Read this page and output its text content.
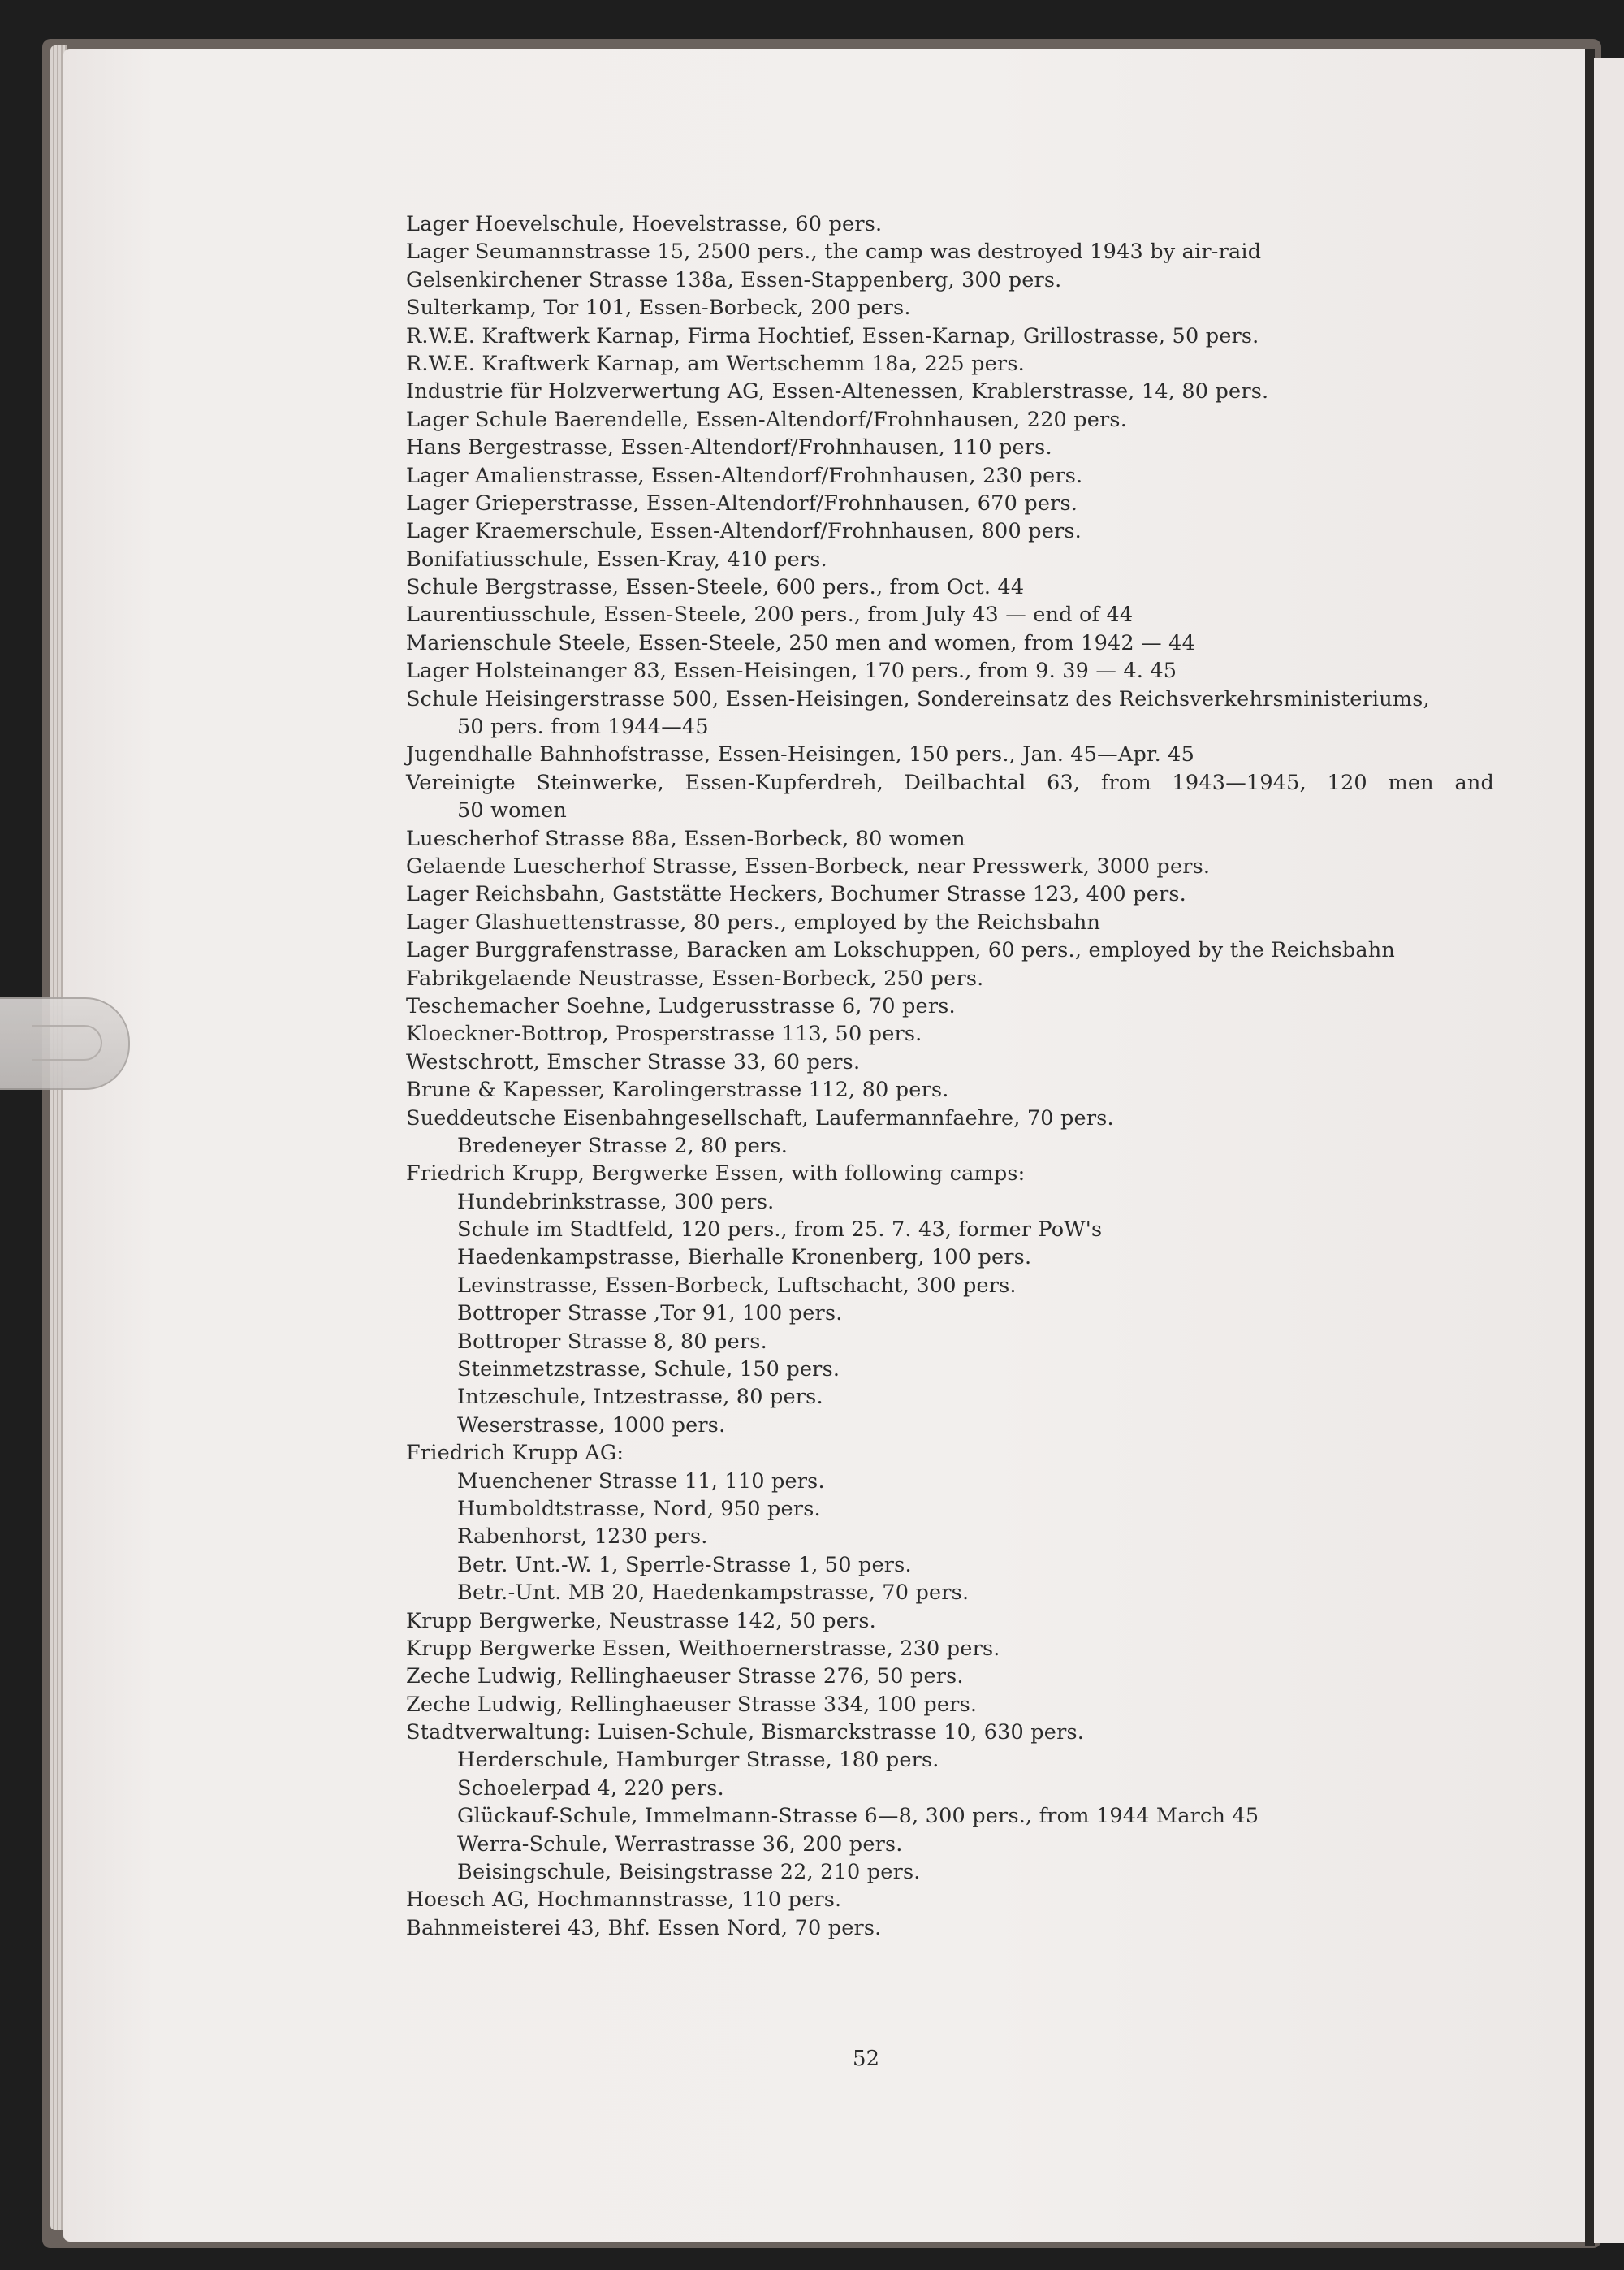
Lager Hoevelschule, Hoevelstrasse, 60 pers.
Lager Seumannstrasse 15, 2500 pers., the camp was destroyed 1943 by air-raid
Gelsenkirchener Strasse 138a, Essen-Stappenberg, 300 pers.
Sulterkamp, Tor 101, Essen-Borbeck, 200 pers.
R.W.E. Kraftwerk Karnap, Firma Hochtief, Essen-Karnap, Grillostrasse, 50 pers.
R.W.E. Kraftwerk Karnap, am Wertschemm 18a, 225 pers.
Industrie für Holzverwertung AG, Essen-Altenessen, Krablerstrasse, 14, 80 pers.
Lager Schule Baerendelle, Essen-Altendorf/Frohnhausen, 220 pers.
Hans Bergestrasse, Essen-Altendorf/Frohnhausen, 110 pers.
Lager Amalienstrasse, Essen-Altendorf/Frohnhausen, 230 pers.
Lager Grieperstrasse, Essen-Altendorf/Frohnhausen, 670 pers.
Lager Kraemerschule, Essen-Altendorf/Frohnhausen, 800 pers.
Bonifatiusschule, Essen-Kray, 410 pers.
Schule Bergstrasse, Essen-Steele, 600 pers., from Oct. 44
Laurentiusschule, Essen-Steele, 200 pers., from July 43 — end of 44
Marienschule Steele, Essen-Steele, 250 men and women, from 1942 — 44
Lager Holsteinanger 83, Essen-Heisingen, 170 pers., from 9. 39 — 4. 45
Schule Heisingerstrasse 500, Essen-Heisingen, Sondereinsatz des Reichsverkehrsministeriums,
50 pers. from 1944—45
Jugendhalle Bahnhofstrasse, Essen-Heisingen, 150 pers., Jan. 45—Apr. 45
Vereinigte Steinwerke, Essen-Kupferdreh, Deilbachtal 63, from 1943—1945, 120 men and
50 women
Luescherhof Strasse 88a, Essen-Borbeck, 80 women
Gelaende Luescherhof Strasse, Essen-Borbeck, near Presswerk, 3000 pers.
Lager Reichsbahn, Gaststätte Heckers, Bochumer Strasse 123, 400 pers.
Lager Glashuettenstrasse, 80 pers., employed by the Reichsbahn
Lager Burggrafenstrasse, Baracken am Lokschuppen, 60 pers., employed by the Reichsbahn
Fabrikgelaende Neustrasse, Essen-Borbeck, 250 pers.
Teschemacher Soehne, Ludgerusstrasse 6, 70 pers.
Kloeckner-Bottrop, Prosperstrasse 113, 50 pers.
Westschrott, Emscher Strasse 33, 60 pers.
Brune & Kapesser, Karolingerstrasse 112, 80 pers.
Sueddeutsche Eisenbahngesellschaft, Laufermannfaehre, 70 pers.
Bredeneyer Strasse 2, 80 pers.
Friedrich Krupp, Bergwerke Essen, with following camps:
Hundebrinkstrasse, 300 pers.
Schule im Stadtfeld, 120 pers., from 25. 7. 43, former PoW's
Haedenkampstrasse, Bierhalle Kronenberg, 100 pers.
Levinstrasse, Essen-Borbeck, Luftschacht, 300 pers.
Bottroper Strasse ,Tor 91, 100 pers.
Bottroper Strasse 8, 80 pers.
Steinmetzstrasse, Schule, 150 pers.
Intzeschule, Intzestrasse, 80 pers.
Weserstrasse, 1000 pers.
Friedrich Krupp AG:
Muenchener Strasse 11, 110 pers.
Humboldtstrasse, Nord, 950 pers.
Rabenhorst, 1230 pers.
Betr. Unt.-W. 1, Sperrle-Strasse 1, 50 pers.
Betr.-Unt. MB 20, Haedenkampstrasse, 70 pers.
Krupp Bergwerke, Neustrasse 142, 50 pers.
Krupp Bergwerke Essen, Weithoernerstrasse, 230 pers.
Zeche Ludwig, Rellinghaeuser Strasse 276, 50 pers.
Zeche Ludwig, Rellinghaeuser Strasse 334, 100 pers.
Stadtverwaltung: Luisen-Schule, Bismarckstrasse 10, 630 pers.
Herderschule, Hamburger Strasse, 180 pers.
Schoelerpad 4, 220 pers.
Glückauf-Schule, Immelmann-Strasse 6—8, 300 pers., from 1944 March 45
Werra-Schule, Werrastrasse 36, 200 pers.
Beisingschule, Beisingstrasse 22, 210 pers.
Hoesch AG, Hochmannstrasse, 110 pers.
Bahnmeisterei 43, Bhf. Essen Nord, 70 pers.
52
